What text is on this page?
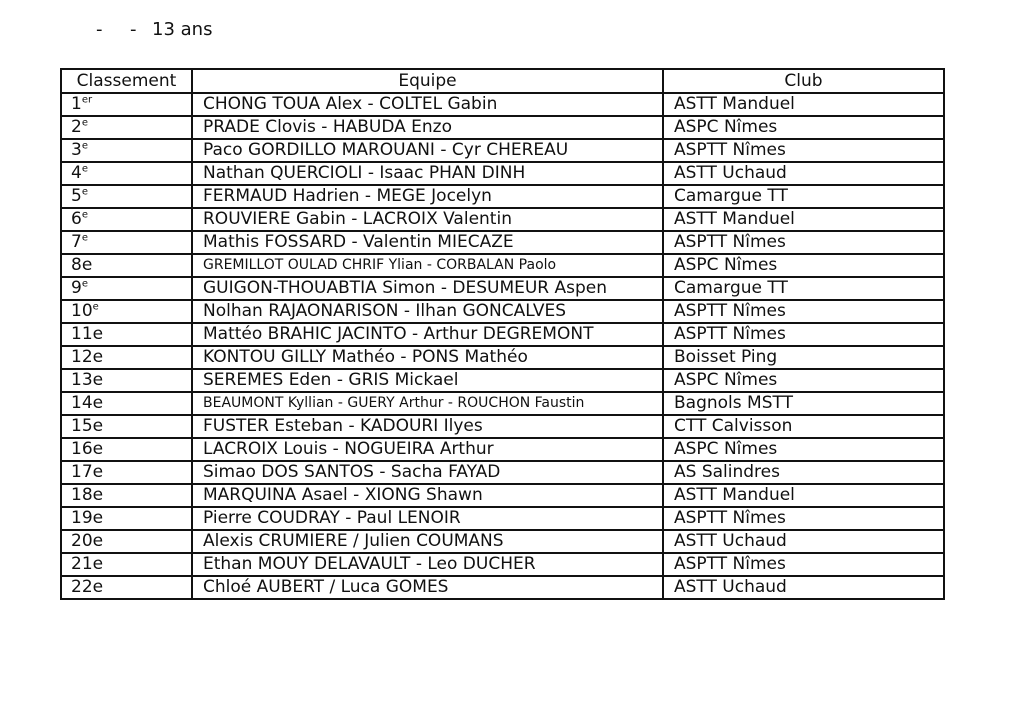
- - 13 ans
Classement	Equipe	Club
1er	CHONG TOUA Alex - COLTEL Gabin	ASTT Manduel
2e	PRADE Clovis - HABUDA Enzo	ASPC Nîmes
3e	Paco GORDILLO MAROUANI - Cyr CHEREAU	ASPTT Nîmes
4e	Nathan QUERCIOLI - Isaac PHAN DINH	ASTT Uchaud
5e	FERMAUD Hadrien - MEGE Jocelyn	Camargue TT
6e	ROUVIERE Gabin - LACROIX Valentin	ASTT Manduel
7e	Mathis FOSSARD - Valentin MIECAZE	ASPTT Nîmes
8e	GREMILLOT OULAD CHRIF Ylian - CORBALAN Paolo	ASPC Nîmes
9e	GUIGON-THOUABTIA Simon - DESUMEUR Aspen	Camargue TT
10e	Nolhan RAJAONARISON - Ilhan GONCALVES	ASPTT Nîmes
11e	Mattéo BRAHIC JACINTO - Arthur DEGREMONT	ASPTT Nîmes
12e	KONTOU GILLY Mathéo - PONS Mathéo	Boisset Ping
13e	SEREMES Eden - GRIS Mickael	ASPC Nîmes
14e	BEAUMONT Kyllian - GUERY Arthur - ROUCHON Faustin	Bagnols MSTT
15e	FUSTER Esteban - KADOURI Ilyes	CTT Calvisson
16e	LACROIX Louis - NOGUEIRA Arthur	ASPC Nîmes
17e	Simao DOS SANTOS - Sacha FAYAD	AS Salindres
18e	MARQUINA Asael - XIONG Shawn	ASTT Manduel
19e	Pierre COUDRAY - Paul LENOIR	ASPTT Nîmes
20e	Alexis CRUMIERE / Julien COUMANS	ASTT Uchaud
21e	Ethan MOUY DELAVAULT - Leo DUCHER	ASPTT Nîmes
22e	Chloé AUBERT / Luca GOMES	ASTT Uchaud
